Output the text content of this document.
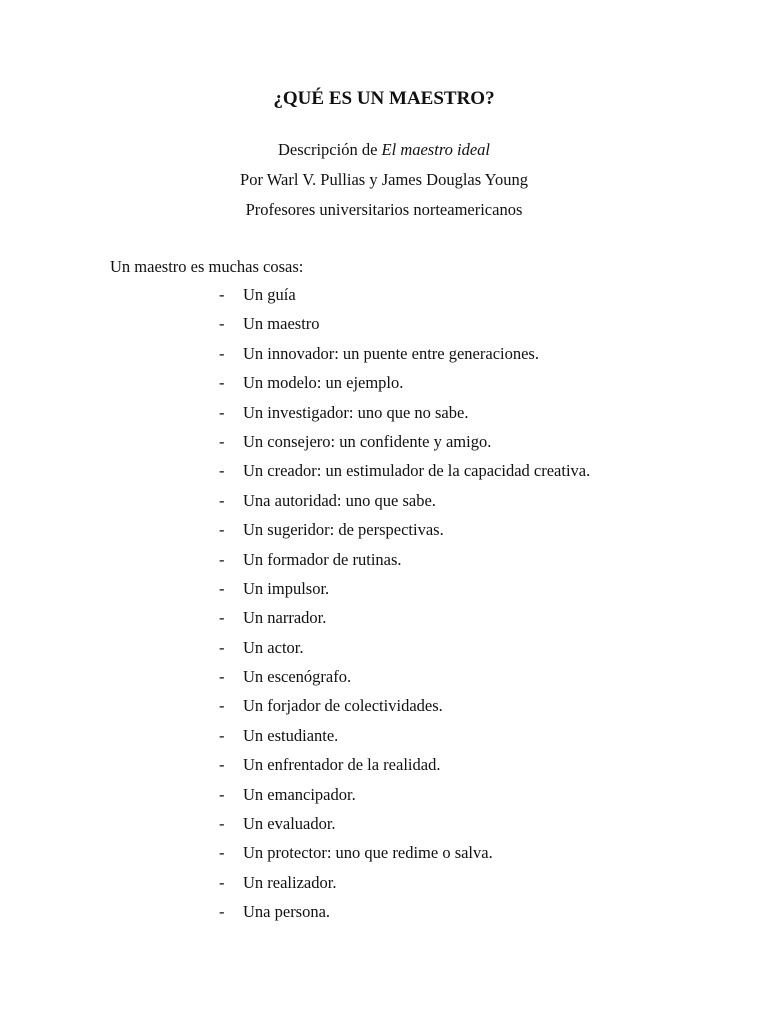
¿QUÉ ES UN MAESTRO?
Descripción de El maestro ideal
Por Warl V. Pullias y James Douglas Young
Profesores universitarios norteamericanos
Un maestro es muchas cosas:
- Un guía
- Un maestro
- Un innovador: un puente entre generaciones.
- Un modelo: un ejemplo.
- Un investigador: uno que no sabe.
- Un consejero: un confidente y amigo.
- Un creador: un estimulador de la capacidad creativa.
- Una autoridad: uno que sabe.
- Un sugeridor: de perspectivas.
- Un formador de rutinas.
- Un impulsor.
- Un narrador.
- Un actor.
- Un escenógrafo.
- Un forjador de colectividades.
- Un estudiante.
- Un enfrentador de la realidad.
- Un emancipador.
- Un evaluador.
- Un protector: uno que redime o salva.
- Un realizador.
- Una persona.
